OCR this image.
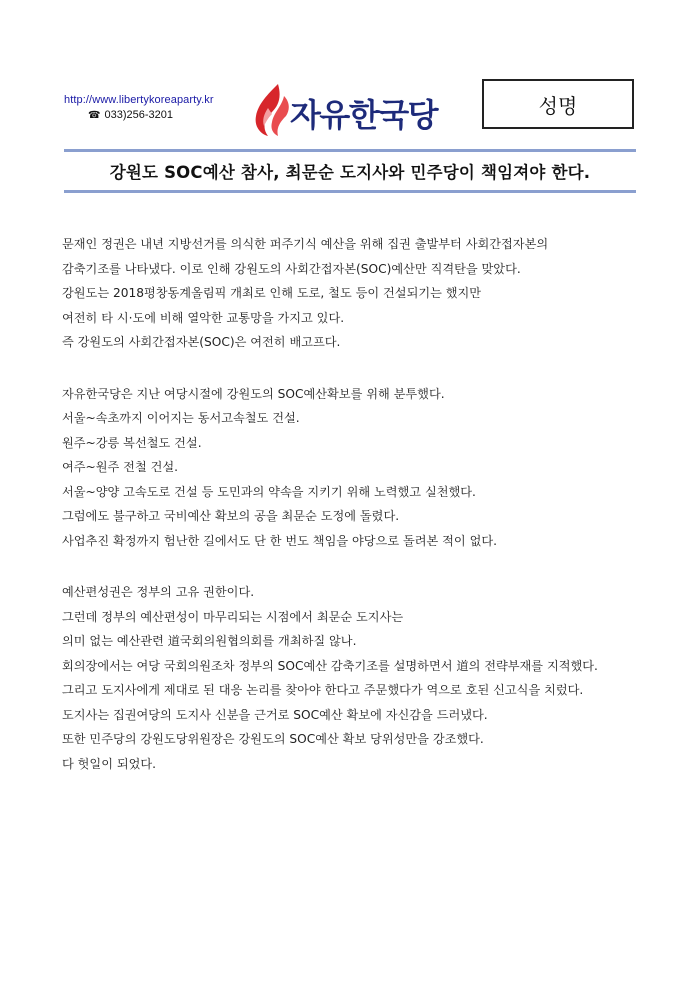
http://www.libertykoreaparty.kr
☎ 033)256-3201	자유한국당	성명
강원도 SOC예산 참사, 최문순 도지사와 민주당이 책임져야 한다.
문재인 정권은 내년 지방선거를 의식한 퍼주기식 예산을 위해 집권 출발부터 사회간접자본의
감축기조를 나타냈다. 이로 인해 강원도의 사회간접자본(SOC)예산만 직격탄을 맞았다.
강원도는 2018평창동계올림픽 개최로 인해 도로, 철도 등이 건설되기는 했지만
여전히 타 시·도에 비해 열악한 교통망을 가지고 있다.
즉 강원도의 사회간접자본(SOC)은 여전히 배고프다.
자유한국당은 지난 여당시절에 강원도의 SOC예산확보를 위해 분투했다.
서울~속초까지 이어지는 동서고속철도 건설.
원주~강릉 복선철도 건설.
여주~원주 전철 건설.
서울~양양 고속도로 건설 등 도민과의 약속을 지키기 위해 노력했고 실천했다.
그럼에도 불구하고 국비예산 확보의 공을 최문순 도정에 돌렸다.
사업추진 확정까지 험난한 길에서도 단 한 번도 책임을 야당으로 돌려본 적이 없다.
예산편성권은 정부의 고유 권한이다.
그런데 정부의 예산편성이 마무리되는 시점에서 최문순 도지사는
의미 없는 예산관련 道국회의원협의회를 개최하질 않나.
회의장에서는 여당 국회의원조차 정부의 SOC예산 감축기조를 설명하면서 道의 전략부재를 지적했다.
그리고 도지사에게 제대로 된 대응 논리를 찾아야 한다고 주문했다가 역으로 호된 신고식을 치렀다.
도지사는 집권여당의 도지사 신분을 근거로 SOC예산 확보에 자신감을 드러냈다.
또한 민주당의 강원도당위원장은 강원도의 SOC예산 확보 당위성만을 강조했다.
다 헛일이 되었다.
